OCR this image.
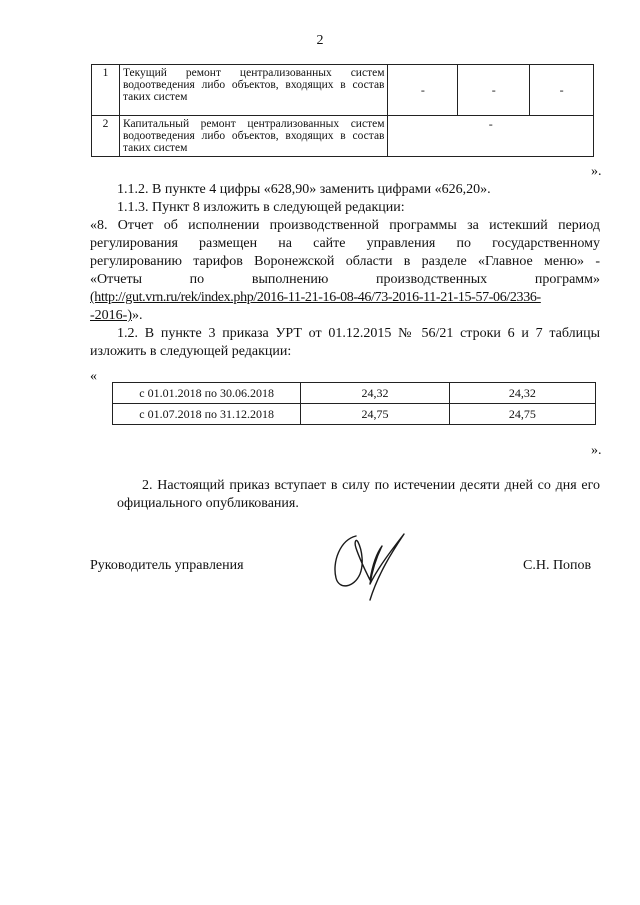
2
1	Текущий ремонт централизованных систем водоотведения либо объектов, входящих в состав таких систем	-	-	-
2	Капитальный ремонт централизованных систем водоотведения либо объектов, входящих в состав таких систем	-		
».
1.1.2. В пункте 4 цифры «628,90» заменить цифрами «626,20».
1.1.3. Пункт 8 изложить в следующей редакции:
«8. Отчет об исполнении производственной программы за истекший период
регулирования размещен на сайте управления по государственному
регулированию тарифов Воронежской области в разделе «Главное меню» -
«Отчеты по выполнению производственных программ»
(http://gut.vrn.ru/rek/index.php/2016-11-21-16-08-46/73-2016-11-21-15-57-06/2336-
-2016-)».
1.2. В пункте 3 приказа УРТ от 01.12.2015 № 56/21 строки 6 и 7 таблицы
изложить в следующей редакции:
«
с 01.01.2018 по 30.06.2018	24,32	24,32
с 01.07.2018 по 31.12.2018	24,75	24,75
».
2. Настоящий приказ вступает в силу по истечении десяти дней со дня его
официального опубликования.
Руководитель управления	С.Н. Попов
